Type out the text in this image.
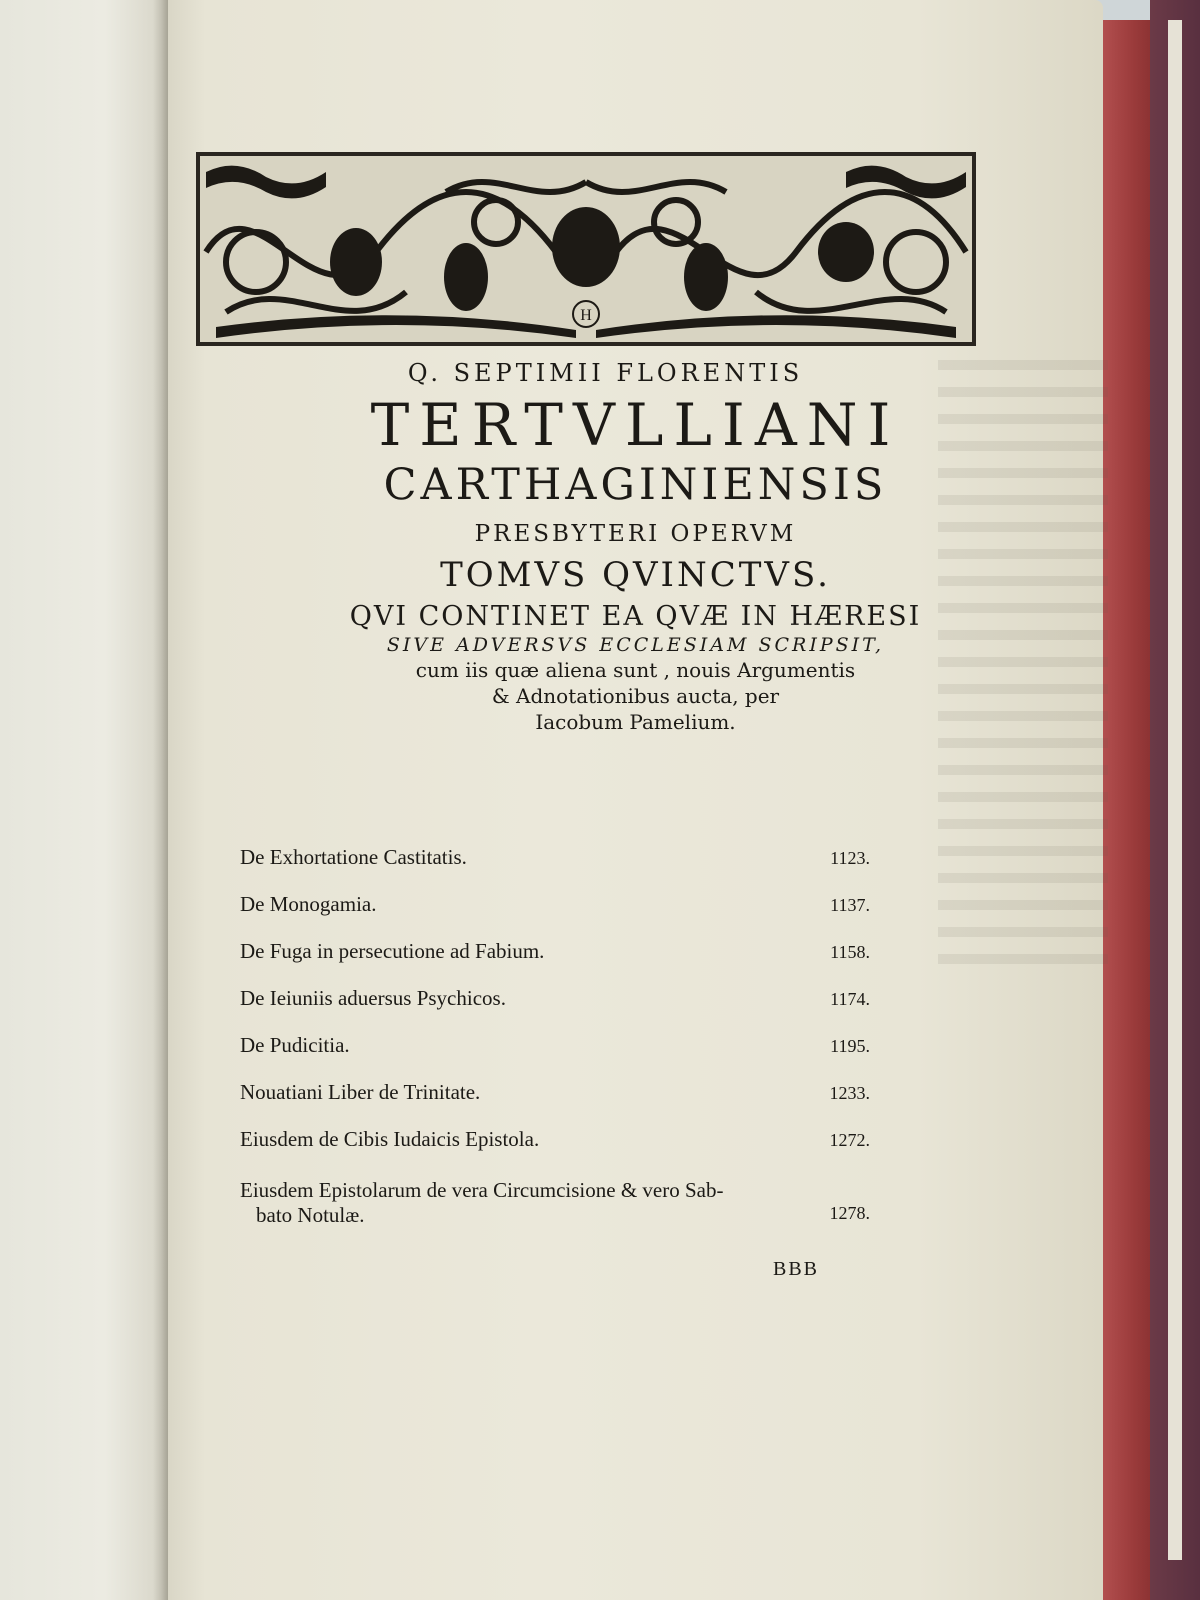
H
Q. SEPTIMII FLORENTIS
TERTVLLIANI
CARTHAGINIENSIS
PRESBYTERI OPERVM
TOMVS QVINCTVS.
QVI CONTINET EA QVÆ IN HÆRESI
SIVE ADVERSVS ECCLESIAM SCRIPSIT,
cum iis quæ aliena sunt , nouis Argumentis
& Adnotationibus aucta, per
Iacobum Pamelium.
De Exhortatione Castitatis.	1123.
De Monogamia.	1137.
De Fuga in persecutione ad Fabium.	1158.
De Ieiuniis aduersus Psychicos.	1174.
De Pudicitia.	1195.
Nouatiani Liber de Trinitate.	1233.
Eiusdem de Cibis Iudaicis Epistola.	1272.
Eiusdem Epistolarum de vera Circumcisione & vero Sab-
bato Notulæ.	1278.
BBB
